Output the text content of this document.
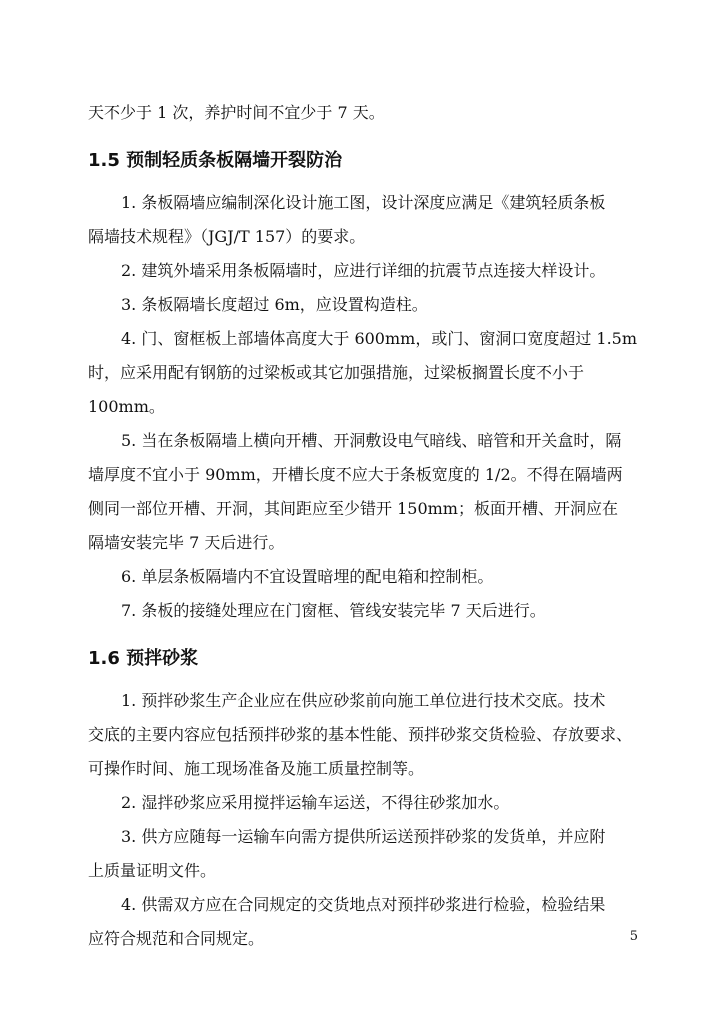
天不少于 1 次，养护时间不宜少于 7 天。
1.5 预制轻质条板隔墙开裂防治
1. 条板隔墙应编制深化设计施工图，设计深度应满足《建筑轻质条板
隔墙技术规程》（JGJ/T 157）的要求。
2. 建筑外墙采用条板隔墙时，应进行详细的抗震节点连接大样设计。
3. 条板隔墙长度超过 6m，应设置构造柱。
4. 门、窗框板上部墙体高度大于 600mm，或门、窗洞口宽度超过 1.5m
时，应采用配有钢筋的过梁板或其它加强措施，过梁板搁置长度不小于
100mm。
5. 当在条板隔墙上横向开槽、开洞敷设电气暗线、暗管和开关盒时，隔
墙厚度不宜小于 90mm，开槽长度不应大于条板宽度的 1/2。不得在隔墙两
侧同一部位开槽、开洞，其间距应至少错开 150mm；板面开槽、开洞应在
隔墙安装完毕 7 天后进行。
6. 单层条板隔墙内不宜设置暗埋的配电箱和控制柜。
7. 条板的接缝处理应在门窗框、管线安装完毕 7 天后进行。
1.6 预拌砂浆
1. 预拌砂浆生产企业应在供应砂浆前向施工单位进行技术交底。技术
交底的主要内容应包括预拌砂浆的基本性能、预拌砂浆交货检验、存放要求、
可操作时间、施工现场准备及施工质量控制等。
2. 湿拌砂浆应采用搅拌运输车运送，不得往砂浆加水。
3. 供方应随每一运输车向需方提供所运送预拌砂浆的发货单，并应附
上质量证明文件。
4. 供需双方应在合同规定的交货地点对预拌砂浆进行检验，检验结果
应符合规范和合同规定。	5
